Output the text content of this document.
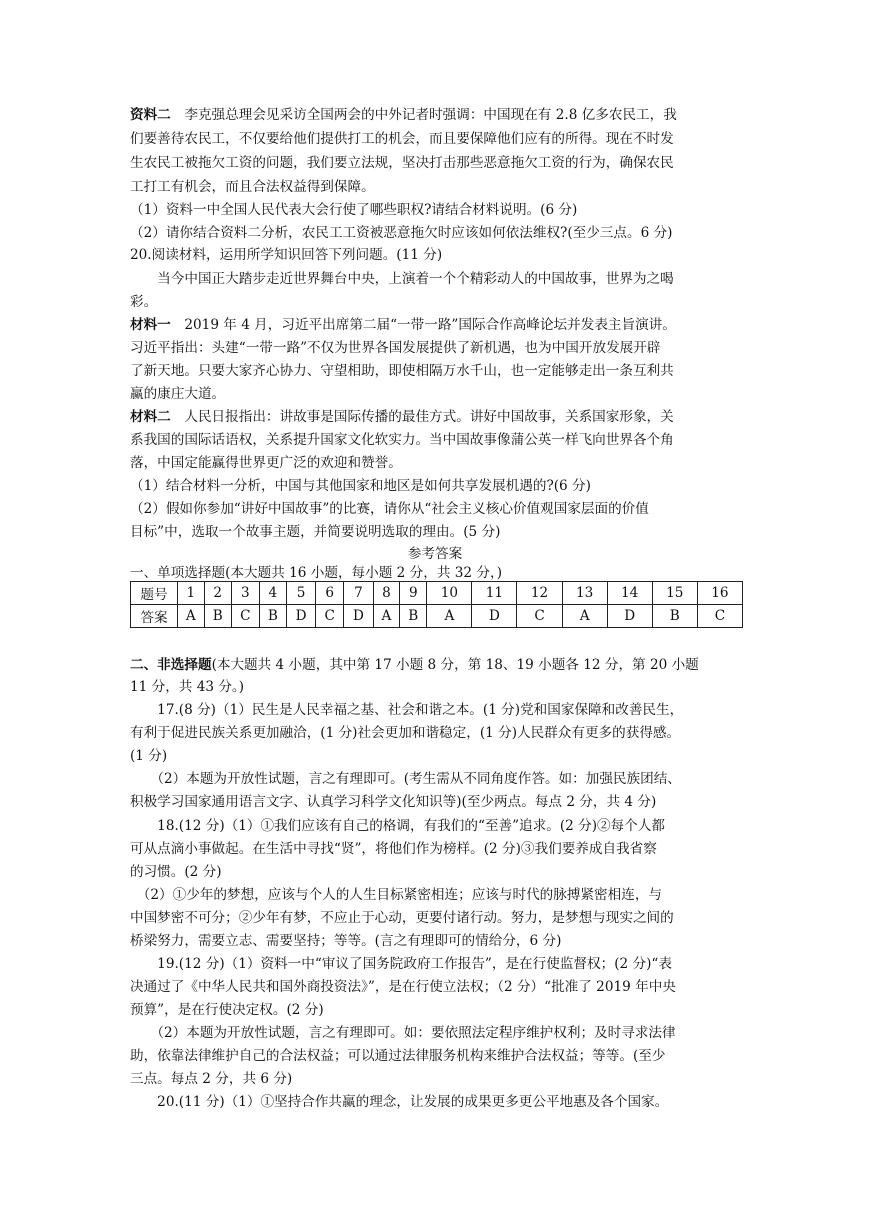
资料二　李克强总理会见采访全国两会的中外记者时强调：中国现在有 2.8 亿多农民工，我
们要善待农民工，不仅要给他们提供打工的机会，而且要保障他们应有的所得。现在不时发
生农民工被拖欠工资的问题，我们要立法规，坚决打击那些恶意拖欠工资的行为，确保农民
工打工有机会，而且合法权益得到保障。
（1）资料一中全国人民代表大会行使了哪些职权?请结合材料说明。(6 分)
（2）请你结合资料二分析，农民工工资被恶意拖欠时应该如何依法维权?(至少三点。6 分)
20.阅读材料，运用所学知识回答下列问题。(11 分)
　　当今中国正大踏步走近世界舞台中央，上演着一个个精彩动人的中国故事，世界为之喝
彩。
材料一　2019 年 4 月，习近平出席第二届“一带一路”国际合作高峰论坛并发表主旨演讲。
习近平指出：头建“一带一路”不仅为世界各国发展提供了新机遇，也为中国开放发展开辟
了新天地。只要大家齐心协力、守望相助，即使相隔万水千山，也一定能够走出一条互利共
赢的康庄大道。
材料二　人民日报指出：讲故事是国际传播的最佳方式。讲好中国故事，关系国家形象，关
系我国的国际话语权，关系提升国家文化软实力。当中国故事像蒲公英一样飞向世界各个角
落，中国定能赢得世界更广泛的欢迎和赞誉。
（1）结合材料一分析，中国与其他国家和地区是如何共享发展机遇的?(6 分)
（2）假如你参加“讲好中国故事”的比赛，请你从“社会主义核心价值观国家层面的价值
目标”中，选取一个故事主题，并简要说明选取的理由。(5 分)
参考答案
一、单项选择题(本大题共 16 小题，每小题 2 分，共 32 分，)
题号	1	2	3	4	5	6	7	8	9	10	11	12	13	14	15	16
答案	A	B	C	B	D	C	D	A	B	A	D	C	A	D	B	C
二、非选择题(本大题共 4 小题，其中第 17 小题 8 分，第 18、19 小题各 12 分，第 20 小题
11 分，共 43 分。)
　　17.(8 分)（1）民生是人民幸福之基、社会和谐之本。(1 分)党和国家保障和改善民生，
有利于促进民族关系更加融洽，(1 分)社会更加和谐稳定，(1 分)人民群众有更多的获得感。
(1 分)
　　（2）本题为开放性试题，言之有理即可。(考生需从不同角度作答。如：加强民族团结、
积极学习国家通用语言文字、认真学习科学文化知识等)(至少两点。每点 2 分，共 4 分)
　　18.(12 分)（1）①我们应该有自己的格调，有我们的“至善”追求。(2 分)②每个人都
可从点滴小事做起。在生活中寻找“贤”，将他们作为榜样。(2 分)③我们要养成自我省察
的习惯。(2 分)
　（2）①少年的梦想，应该与个人的人生目标紧密相连；应该与时代的脉搏紧密相连，与
中国梦密不可分；②少年有梦，不应止于心动，更要付诸行动。努力，是梦想与现实之间的
桥梁努力，需要立志、需要坚持；等等。(言之有理即可的情给分，6 分)
　　19.(12 分)（1）资料一中“审议了国务院政府工作报告”，是在行使监督权；(2 分)“表
决通过了《中华人民共和国外商投资法》”，是在行使立法权；（2 分）“批准了 2019 年中央
预算”，是在行使决定权。(2 分)
　　（2）本题为开放性试题，言之有理即可。如：要依照法定程序维护权利；及时寻求法律
助，依靠法律维护自己的合法权益；可以通过法律服务机构来维护合法权益；等等。(至少
三点。每点 2 分，共 6 分)
　　20.(11 分)（1）①坚持合作共赢的理念，让发展的成果更多更公平地惠及各个国家。
